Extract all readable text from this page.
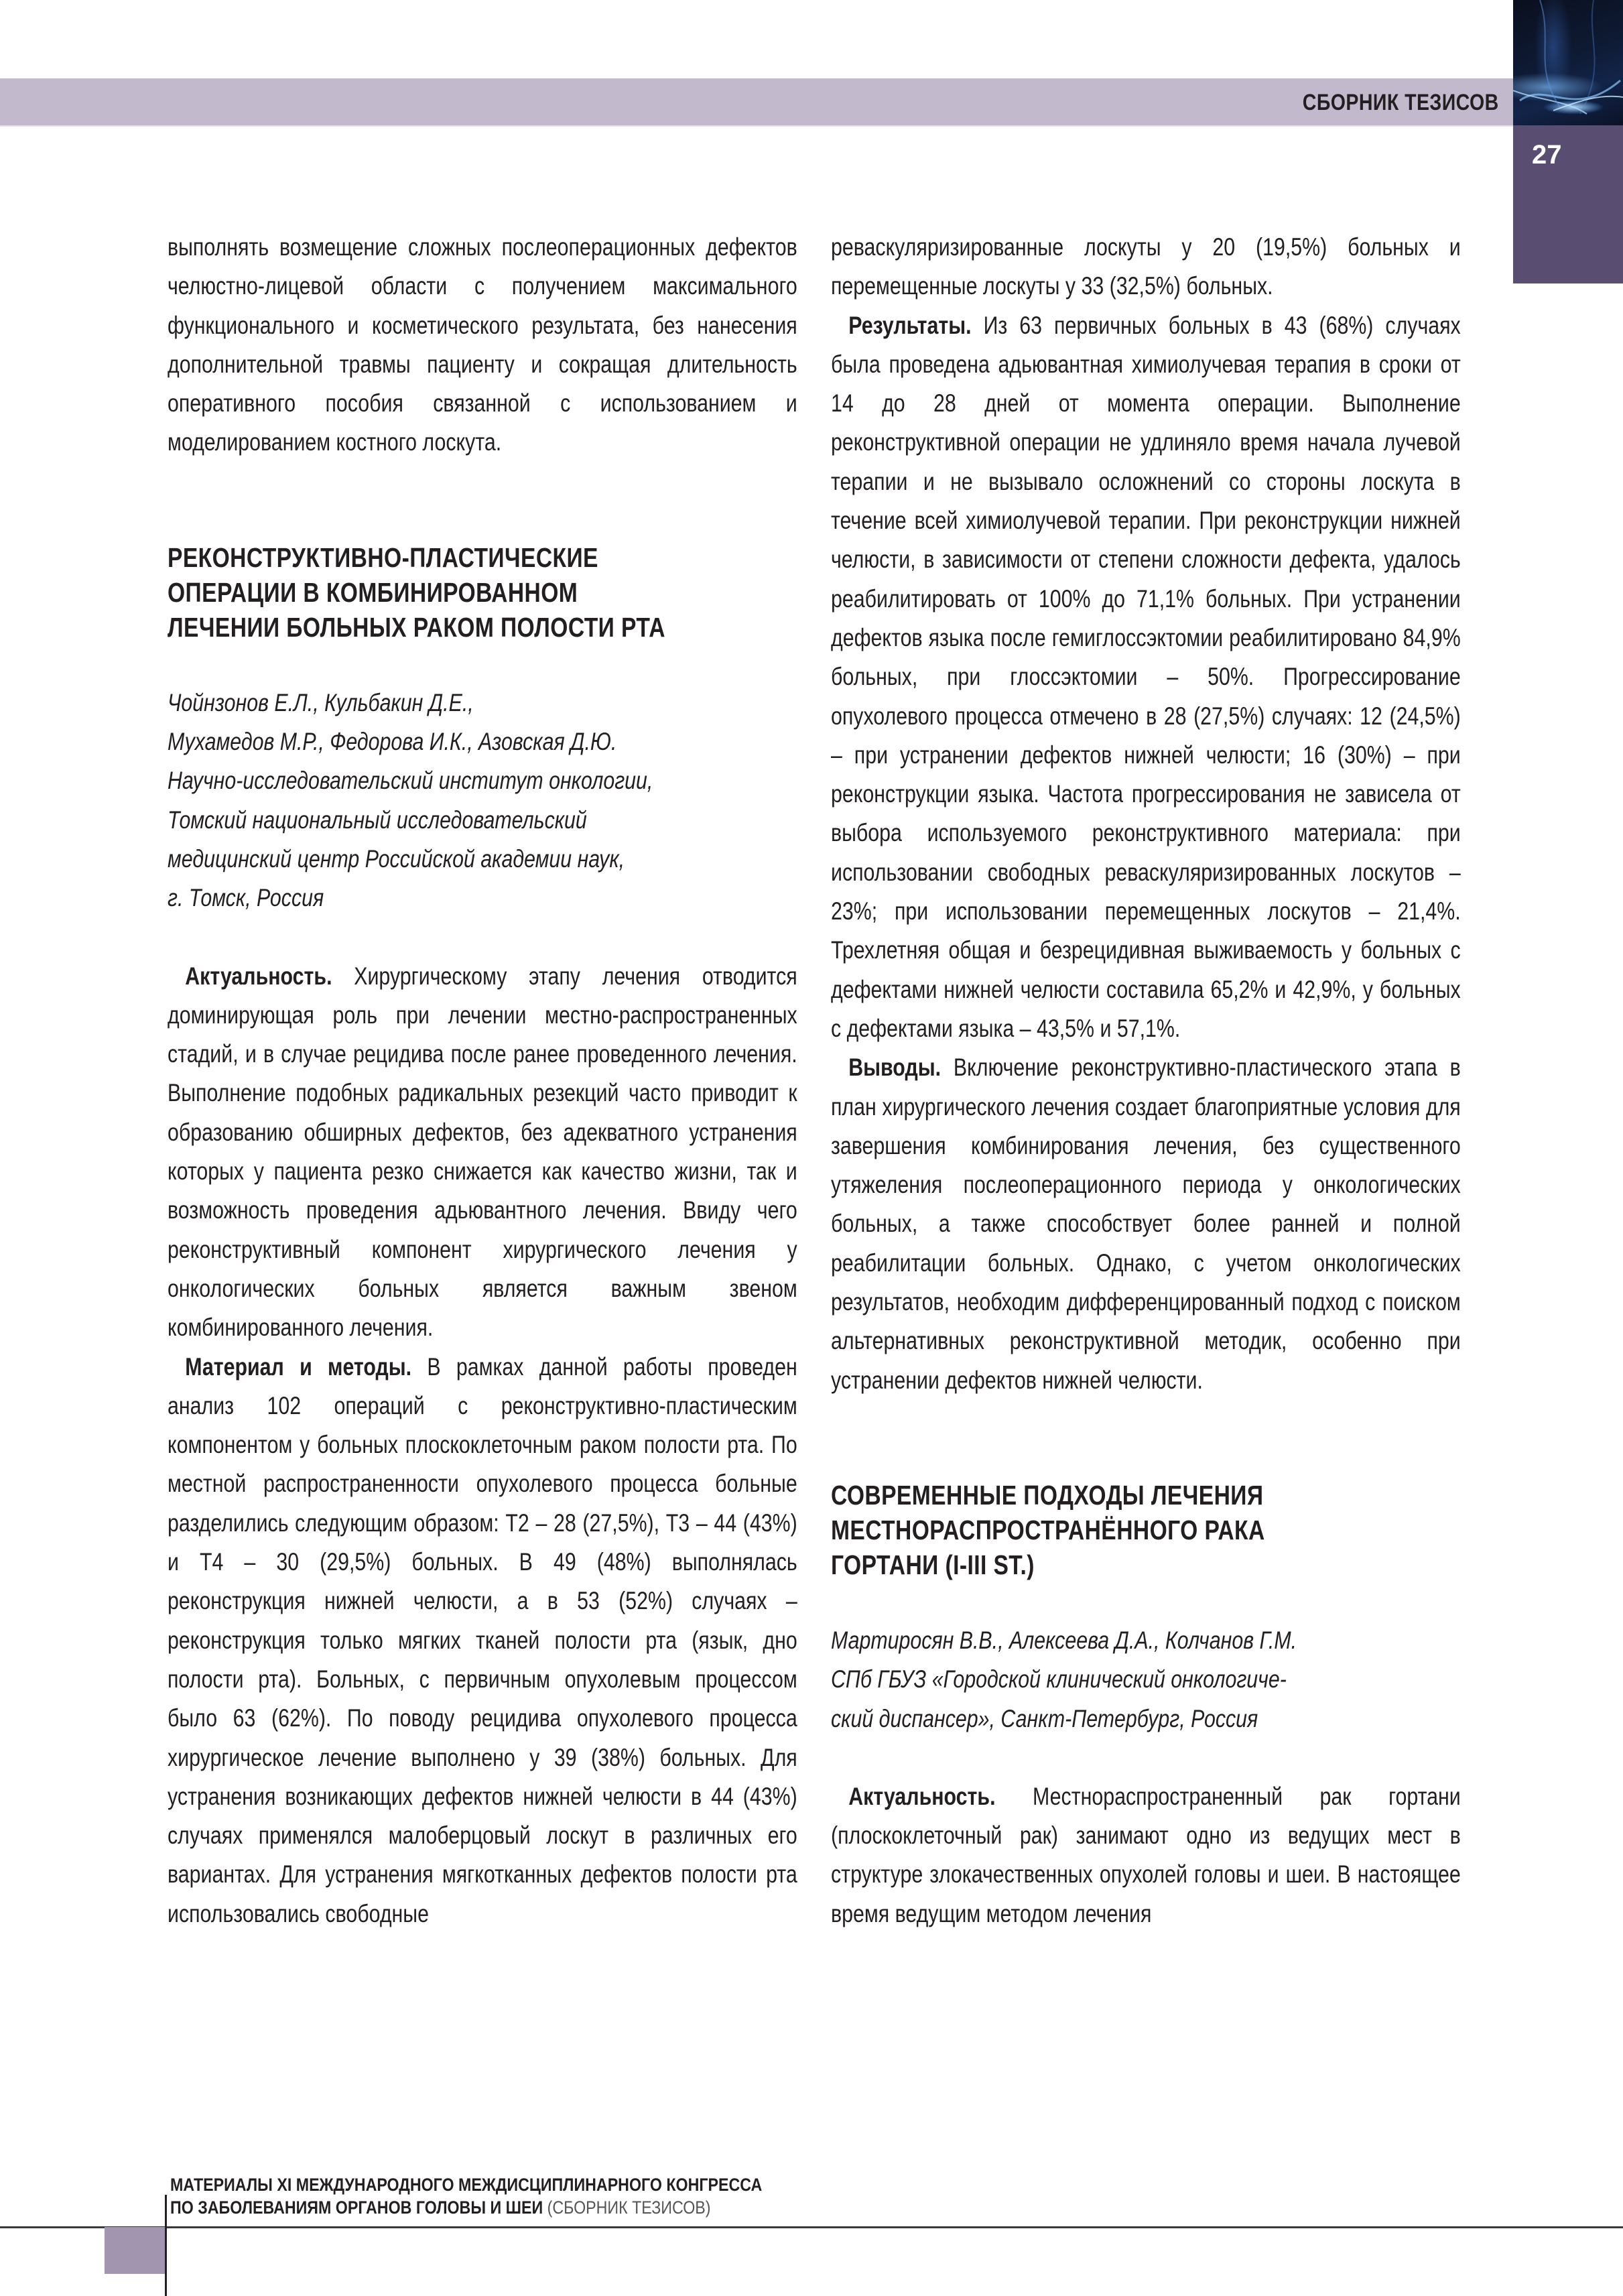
СБОРНИК ТЕЗИСОВ
27

выполнять возмещение сложных послеоперационных дефектов челюстно-лицевой области с получением максимального функционального и косметического результата, без нанесения дополнительной травмы пациенту и сокращая длительность оперативного пособия связанной с использованием и моделированием костного лоскута.

РЕКОНСТРУКТИВНО-ПЛАСТИЧЕСКИЕ
ОПЕРАЦИИ В КОМБИНИРОВАННОМ
ЛЕЧЕНИИ БОЛЬНЫХ РАКОМ ПОЛОСТИ РТА
Чойнзонов Е.Л., Кульбакин Д.Е.,
Мухамедов М.Р., Федорова И.К., Азовская Д.Ю.
Научно-исследовательский институт онкологии,
Томский национальный исследовательский
медицинский центр Российской академии наук,
г. Томск, Россия

Актуальность. Хирургическому этапу лечения отводится доминирующая роль при лечении местно-распространенных стадий, и в случае рецидива после ранее проведенного лечения. Выполнение подобных радикальных резекций часто приводит к образованию обширных дефектов, без адекватного устранения которых у пациента резко снижается как качество жизни, так и возможность проведения адьювантного лечения. Ввиду чего реконструктивный компонент хирургического лечения у онкологических больных является важным звеном комбинированного лечения.

Материал и методы. В рамках данной работы проведен анализ 102 операций с реконструктивно-пластическим компонентом у больных плоскоклеточным раком полости рта. По местной распространенности опухолевого процесса больные разделились следующим образом: Т2 – 28 (27,5%), Т3 – 44 (43%) и Т4 – 30 (29,5%) больных. В 49 (48%) выполнялась реконструкция нижней челюсти, а в 53 (52%) случаях – реконструкция только мягких тканей полости рта (язык, дно полости рта). Больных, с первичным опухолевым процессом было 63 (62%). По поводу рецидива опухолевого процесса хирургическое лечение выполнено у 39 (38%) больных. Для устранения возникающих дефектов нижней челюсти в 44 (43%) случаях применялся малоберцовый лоскут в различных его вариантах. Для устранения мягкотканных дефектов полости рта использовались свободные

реваскуляризированные лоскуты у 20 (19,5%) больных и перемещенные лоскуты у 33 (32,5%) больных.

Результаты. Из 63 первичных больных в 43 (68%) случаях была проведена адьювантная химиолучевая терапия в сроки от 14 до 28 дней от момента операции. Выполнение реконструктивной операции не удлиняло время начала лучевой терапии и не вызывало осложнений со стороны лоскута в течение всей химиолучевой терапии. При реконструкции нижней челюсти, в зависимости от степени сложности дефекта, удалось реабилитировать от 100% до 71,1% больных. При устранении дефектов языка после гемиглоссэктомии реабилитировано 84,9% больных, при глоссэктомии – 50%. Прогрессирование опухолевого процесса отмечено в 28 (27,5%) случаях: 12 (24,5%) – при устранении дефектов нижней челюсти; 16 (30%) – при реконструкции языка. Частота прогрессирования не зависела от выбора используемого реконструктивного материала: при использовании свободных реваскуляризированных лоскутов – 23%; при использовании перемещенных лоскутов – 21,4%. Трехлетняя общая и безрецидивная выживаемость у больных с дефектами нижней челюсти составила 65,2% и 42,9%, у больных с дефектами языка – 43,5% и 57,1%.

Выводы. Включение реконструктивно-пластического этапа в план хирургического лечения создает благоприятные условия для завершения комбинирования лечения, без существенного утяжеления послеоперационного периода у онкологических больных, а также способствует более ранней и полной реабилитации больных. Однако, с учетом онкологических результатов, необходим дифференцированный подход с поиском альтернативных реконструктивной методик, особенно при устранении дефектов нижней челюсти.

СОВРЕМЕННЫЕ ПОДХОДЫ ЛЕЧЕНИЯ
МЕСТНОРАСПРОСТРАНЁННОГО РАКА
ГОРТАНИ (I-III ST.)
Мартиросян В.В., Алексеева Д.А., Колчанов Г.М.
СПб ГБУЗ «Городской клинический онкологиче-
ский диспансер», Санкт-Петербург, Россия

Актуальность. Местнораспространенный рак гортани (плоскоклеточный рак) занимают одно из ведущих мест в структуре злокачественных опухолей головы и шеи. В настоящее время ведущим методом лечения

МАТЕРИАЛЫ XI МЕЖДУНАРОДНОГО МЕЖДИСЦИПЛИНАРНОГО КОНГРЕССА
ПО ЗАБОЛЕВАНИЯМ ОРГАНОВ ГОЛОВЫ И ШЕИ (СБОРНИК ТЕЗИСОВ)
